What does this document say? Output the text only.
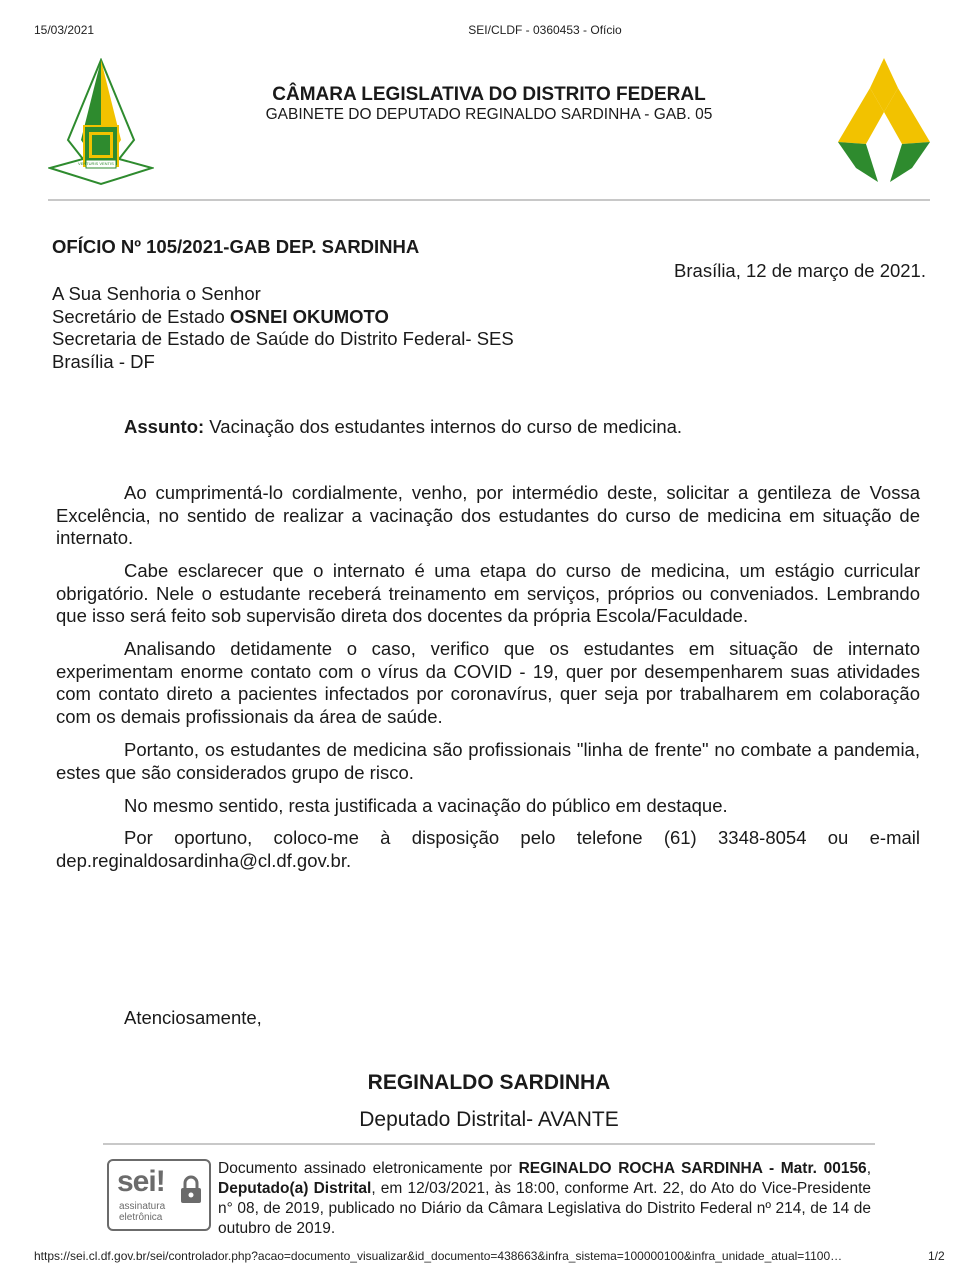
15/03/2021	SEI/CLDF - 0360453 - Ofício
VENTURIS VENTIS
CÂMARA LEGISLATIVA DO DISTRITO FEDERAL
GABINETE DO DEPUTADO REGINALDO SARDINHA - GAB. 05
OFÍCIO Nº 105/2021-GAB DEP. SARDINHA
Brasília, 12 de março de 2021.
A Sua Senhoria o Senhor
Secretário de Estado OSNEI OKUMOTO
Secretaria de Estado de Saúde do Distrito Federal- SES
Brasília - DF
Assunto: Vacinação dos estudantes internos do curso de medicina.
Ao cumprimentá-lo cordialmente, venho, por intermédio deste, solicitar a gentileza de Vossa Excelência, no sentido de realizar a vacinação dos estudantes do curso de medicina em situação de internato.
Cabe esclarecer que o internato é uma etapa do curso de medicina, um estágio curricular obrigatório. Nele o estudante receberá treinamento em serviços, próprios ou conveniados. Lembrando que isso será feito sob supervisão direta dos docentes da própria Escola/Faculdade.
Analisando detidamente o caso, verifico que os estudantes em situação de internato experimentam enorme contato com o vírus da COVID - 19, quer por desempenharem suas atividades com contato direto a pacientes infectados por coronavírus, quer seja por trabalharem em colaboração com os demais profissionais da área de saúde.
Portanto, os estudantes de medicina são profissionais "linha de frente" no combate a pandemia, estes que são considerados grupo de risco.
No mesmo sentido, resta justificada a vacinação do público em destaque.
Por oportuno, coloco-me à disposição pelo telefone (61) 3348-8054 ou e-mail dep.reginaldosardinha@cl.df.gov.br.
Atenciosamente,
REGINALDO SARDINHA
Deputado Distrital- AVANTE
sei!
assinatura
eletrônica
Documento assinado eletronicamente por REGINALDO ROCHA SARDINHA - Matr. 00156, Deputado(a) Distrital, em 12/03/2021, às 18:00, conforme Art. 22, do Ato do Vice-Presidente n° 08, de 2019, publicado no Diário da Câmara Legislativa do Distrito Federal nº 214, de 14 de outubro de 2019.
https://sei.cl.df.gov.br/sei/controlador.php?acao=documento_visualizar&id_documento=438663&infra_sistema=100000100&infra_unidade_atual=1100…	1/2
